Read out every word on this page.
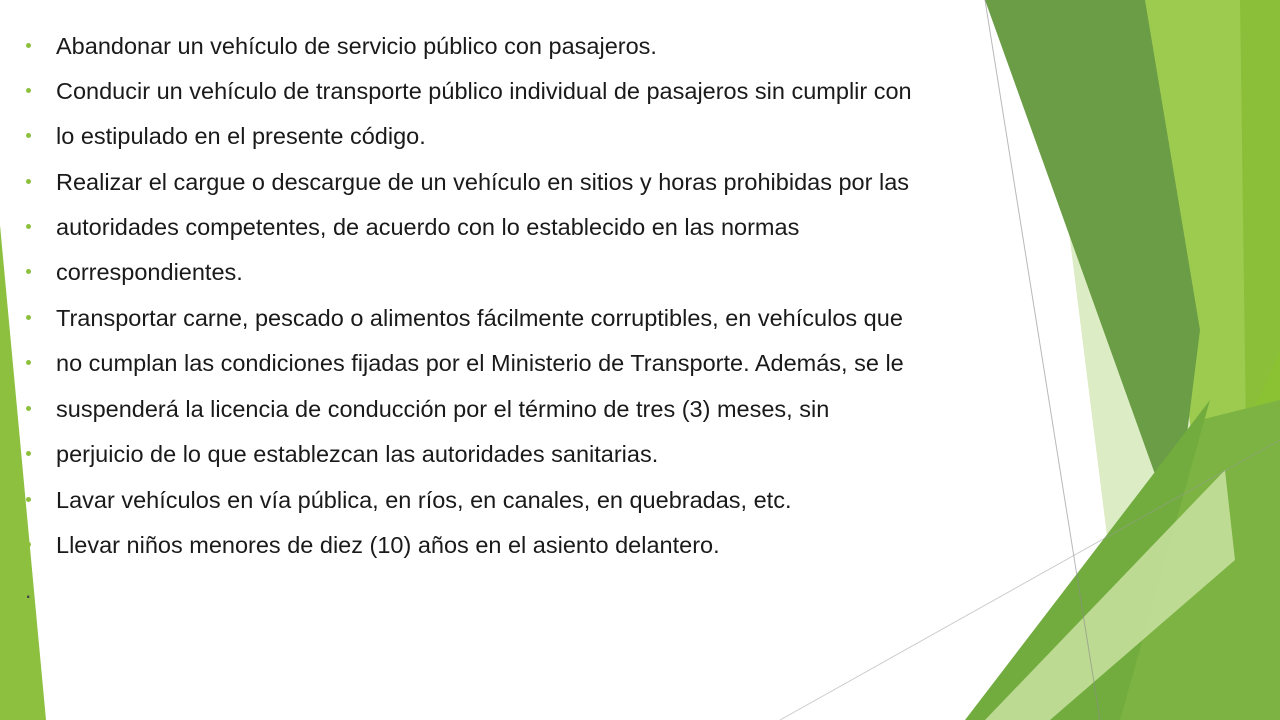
Abandonar un vehículo de servicio público con pasajeros.
Conducir un vehículo de transporte público individual de pasajeros sin cumplir con
lo estipulado en el presente código.
Realizar el cargue o descargue de un vehículo en sitios y horas prohibidas por las
autoridades competentes, de acuerdo con lo establecido en las normas
correspondientes.
Transportar carne, pescado o alimentos fácilmente corruptibles, en vehículos que
no cumplan las condiciones fijadas por el Ministerio de Transporte. Además, se le
suspenderá la licencia de conducción por el término de tres (3) meses, sin
perjuicio de lo que establezcan las autoridades sanitarias.
Lavar vehículos en vía pública, en ríos, en canales, en quebradas, etc.
Llevar niños menores de diez (10) años en el asiento delantero.
.
